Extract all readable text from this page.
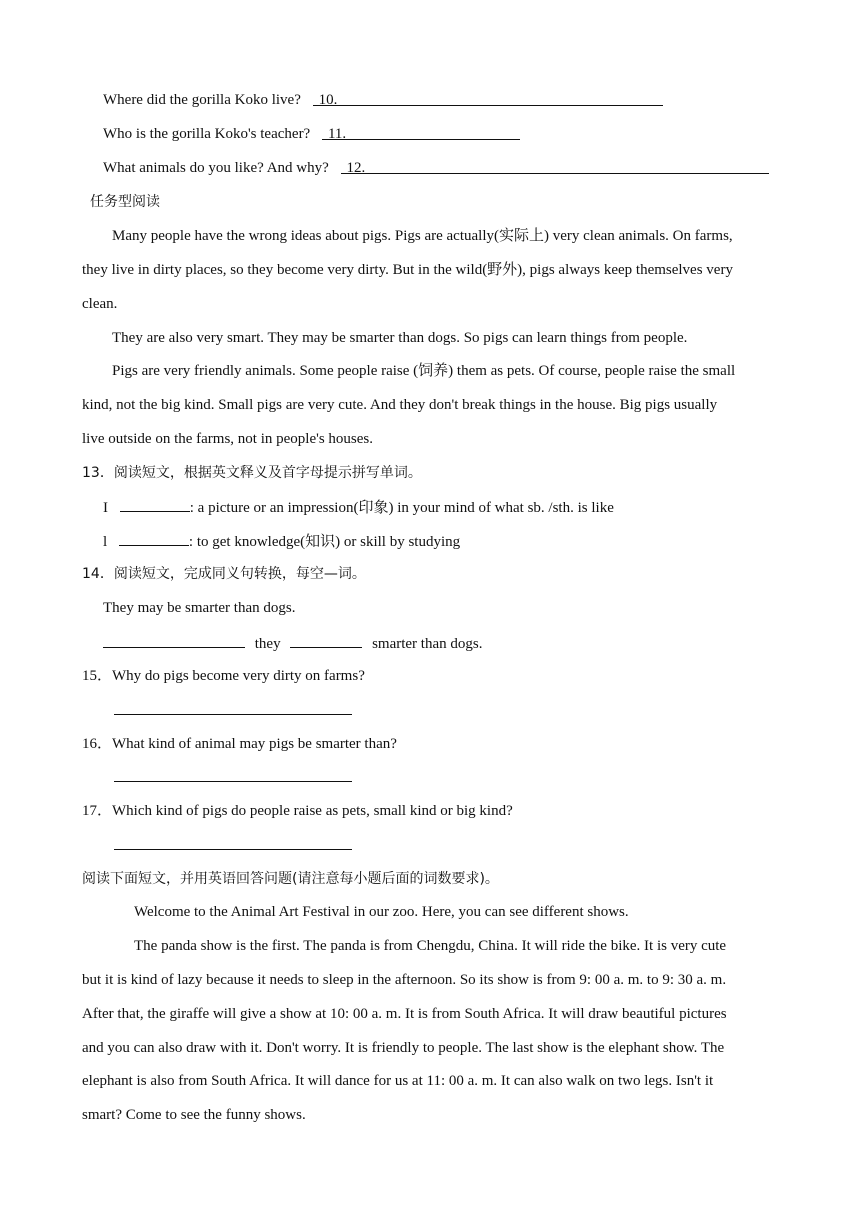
Where did the gorilla Koko live? 10.
Who is the gorilla Koko's teacher? 11.
What animals do you like? And why? 12.
任务型阅读
Many people have the wrong ideas about pigs. Pigs are actually(实际上) very clean animals. On farms,
they live in dirty places, so they become very dirty. But in the wild(野外), pigs always keep themselves very
clean.
They are also very smart. They may be smarter than dogs. So pigs can learn things from people.
Pigs are very friendly animals. Some people raise (饲养) them as pets. Of course, people raise the small
kind, not the big kind. Small pigs are very cute. And they don't break things in the house. Big pigs usually
live outside on the farms, not in people's houses.
13．阅读短文，根据英文释义及首字母提示拼写单词。
I	: a picture or an impression(印象) in your mind of what sb. /sth. is like
l	: to get knowledge(知识) or skill by studying
14．阅读短文，完成同义句转换，每空—词。
They may be smarter than dogs.
they	smarter than dogs.
15．Why do pigs become very dirty on farms?
16．What kind of animal may pigs be smarter than?
17．Which kind of pigs do people raise as pets, small kind or big kind?
阅读下面短文，并用英语回答问题(请注意每小题后面的词数要求)。
Welcome to the Animal Art Festival in our zoo. Here, you can see different shows.
The panda show is the first. The panda is from Chengdu, China. It will ride the bike. It is very cute
but it is kind of lazy because it needs to sleep in the afternoon. So its show is from 9: 00 a. m. to 9: 30 a. m.
After that, the giraffe will give a show at 10: 00 a. m. It is from South Africa. It will draw beautiful pictures
and you can also draw with it. Don't worry. It is friendly to people. The last show is the elephant show. The
elephant is also from South Africa. It will dance for us at 11: 00 a. m. It can also walk on two legs. Isn't it
smart? Come to see the funny shows.
